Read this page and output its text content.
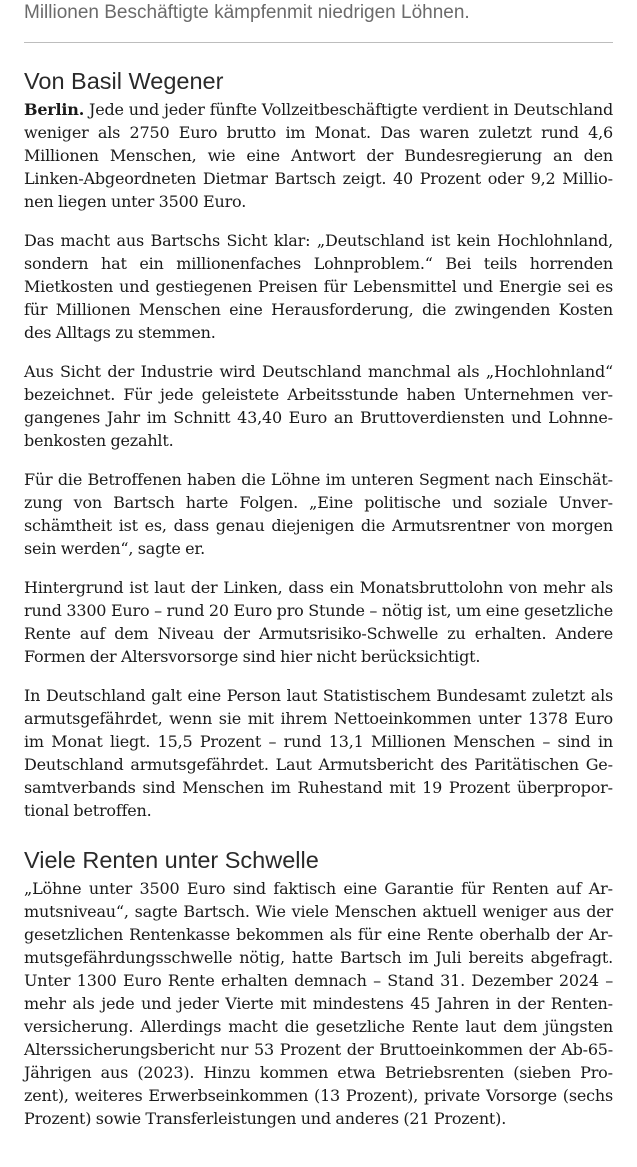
Millionen Beschäftigte kämpfenmit niedrigen Löhnen.

Von Basil Wegener

Berlin. Jede und jeder fünfte Vollzeitbeschäftigte verdient in Deutschland weniger als 2750 Euro brutto im Monat. Das waren zuletzt rund 4,6 Millionen Menschen, wie eine Antwort der Bundesregierung an den Linken-Abgeordneten Dietmar Bartsch zeigt. 40 Prozent oder 9,2 Millionen liegen unter 3500 Euro.

Das macht aus Bartschs Sicht klar: „Deutschland ist kein Hochlohnland, sondern hat ein millionenfaches Lohnproblem.“ Bei teils horrenden Mietkosten und gestiegenen Preisen für Lebensmittel und Energie sei es für Millionen Menschen eine Herausforderung, die zwingenden Kosten des Alltags zu stemmen.

Aus Sicht der Industrie wird Deutschland manchmal als „Hochlohnland“ bezeichnet. Für jede geleistete Arbeitsstunde haben Unternehmen vergangenes Jahr im Schnitt 43,40 Euro an Bruttoverdiensten und Lohnnebenkosten gezahlt.

Für die Betroffenen haben die Löhne im unteren Segment nach Einschätzung von Bartsch harte Folgen. „Eine politische und soziale Unverschämtheit ist es, dass genau diejenigen die Armutsrentner von morgen sein werden“, sagte er.

Hintergrund ist laut der Linken, dass ein Monatsbruttolohn von mehr als rund 3300 Euro – rund 20 Euro pro Stunde – nötig ist, um eine gesetzliche Rente auf dem Niveau der Armutsrisiko-Schwelle zu erhalten. Andere Formen der Altersvorsorge sind hier nicht berücksichtigt.

In Deutschland galt eine Person laut Statistischem Bundesamt zuletzt als armutsgefährdet, wenn sie mit ihrem Nettoeinkommen unter 1378 Euro im Monat liegt. 15,5 Prozent – rund 13,1 Millionen Menschen – sind in Deutschland armutsgefährdet. Laut Armutsbericht des Paritätischen Gesamtverbands sind Menschen im Ruhestand mit 19 Prozent überproportional betroffen.

Viele Renten unter Schwelle

„Löhne unter 3500 Euro sind faktisch eine Garantie für Renten auf Armutsniveau“, sagte Bartsch. Wie viele Menschen aktuell weniger aus der gesetzlichen Rentenkasse bekommen als für eine Rente oberhalb der Armutsgefährdungsschwelle nötig, hatte Bartsch im Juli bereits abgefragt. Unter 1300 Euro Rente erhalten demnach – Stand 31. Dezember 2024 – mehr als jede und jeder Vierte mit mindestens 45 Jahren in der Rentenversicherung. Allerdings macht die gesetzliche Rente laut dem jüngsten Alterssicherungsbericht nur 53 Prozent der Bruttoeinkommen der Ab-65-Jährigen aus (2023). Hinzu kommen etwa Betriebsrenten (sieben Prozent), weiteres Erwerbseinkommen (13 Prozent), private Vorsorge (sechs Prozent) sowie Transferleistungen und anderes (21 Prozent).
